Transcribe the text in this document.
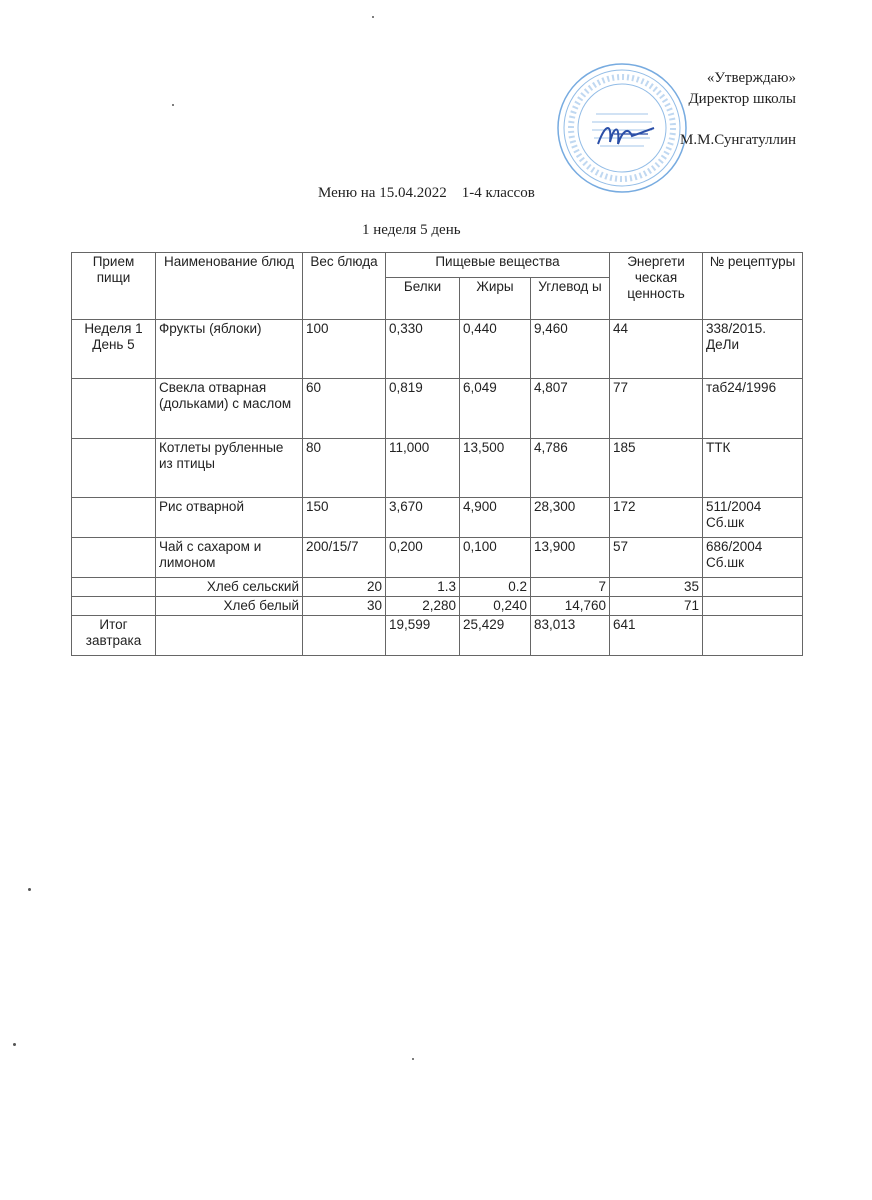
«Утверждаю»
Директор школы
М.М.Сунгатуллин
Меню на 15.04.2022    1-4 классов
1 неделя 5 день
Прием пищи	Наименование блюд	Вес блюда	Пищевые вещества			Энергети ческая ценность	№ рецептуры
			Белки	Жиры	Углевод ы		
Неделя 1 День 5	Фрукты (яблоки)	100	0,330	0,440	9,460	44	338/2015. ДеЛи
	Свекла отварная (дольками) с маслом	60	0,819	6,049	4,807	77	таб24/1996
	Котлеты рубленные из птицы	80	11,000	13,500	4,786	185	ТТК
	Рис отварной	150	3,670	4,900	28,300	172	511/2004 Сб.шк
	Чай с сахаром и лимоном	200/15/7	0,200	0,100	13,900	57	686/2004 Сб.шк
	Хлеб сельский	20	1.3	0.2	7	35	
	Хлеб белый	30	2,280	0,240	14,760	71	
Итог завтрака			19,599	25,429	83,013	641	
